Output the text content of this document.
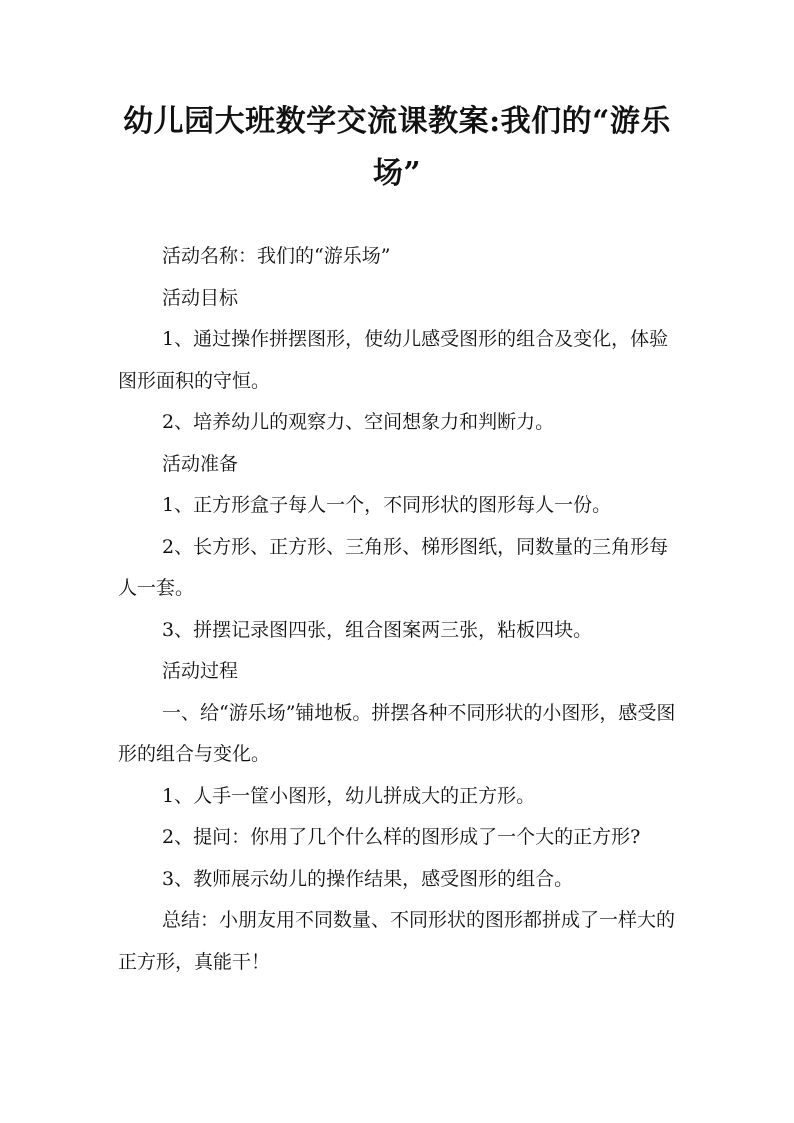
幼儿园大班数学交流课教案:我们的“游乐场”

活动名称：我们的“游乐场”

活动目标

1、通过操作拼摆图形，使幼儿感受图形的组合及变化，体验图形面积的守恒。

2、培养幼儿的观察力、空间想象力和判断力。

活动准备

1、正方形盒子每人一个，不同形状的图形每人一份。

2、长方形、正方形、三角形、梯形图纸，同数量的三角形每人一套。

3、拼摆记录图四张，组合图案两三张，粘板四块。

活动过程

一、给“游乐场”铺地板。拼摆各种不同形状的小图形，感受图形的组合与变化。

1、人手一筐小图形，幼儿拼成大的正方形。

2、提问：你用了几个什么样的图形成了一个大的正方形?

3、教师展示幼儿的操作结果，感受图形的组合。

总结：小朋友用不同数量、不同形状的图形都拼成了一样大的正方形，真能干！
